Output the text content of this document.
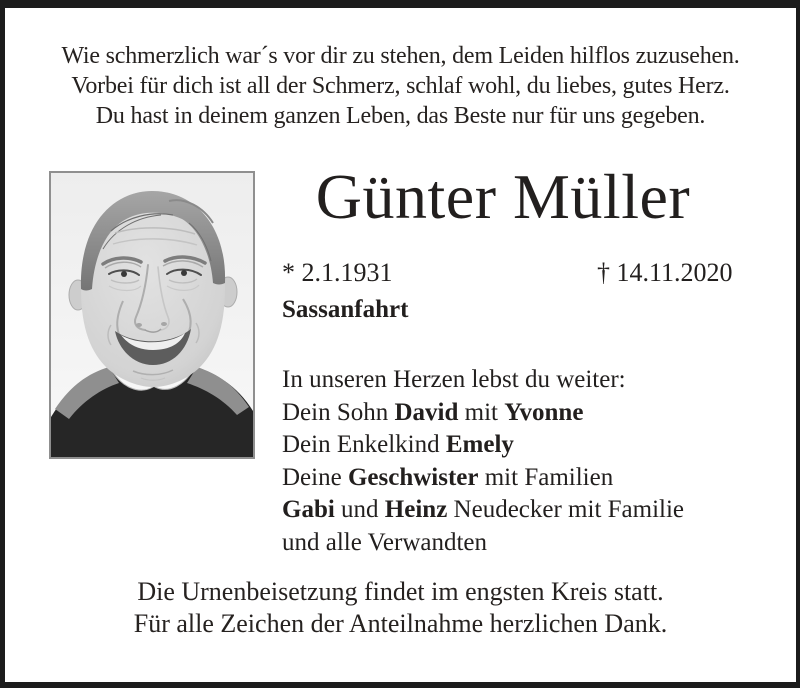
Wie schmerzlich war´s vor dir zu stehen, dem Leiden hilflos zuzusehen.
Vorbei für dich ist all der Schmerz, schlaf wohl, du liebes, gutes Herz.
Du hast in deinem ganzen Leben, das Beste nur für uns gegeben.
Günter Müller
* 2.1.1931	† 14.11.2020
Sassanfahrt
In unseren Herzen lebst du weiter:
Dein Sohn David mit Yvonne
Dein Enkelkind Emely
Deine Geschwister mit Familien
Gabi und Heinz Neudecker mit Familie
und alle Verwandten
Die Urnenbeisetzung findet im engsten Kreis statt.
Für alle Zeichen der Anteilnahme herzlichen Dank.
